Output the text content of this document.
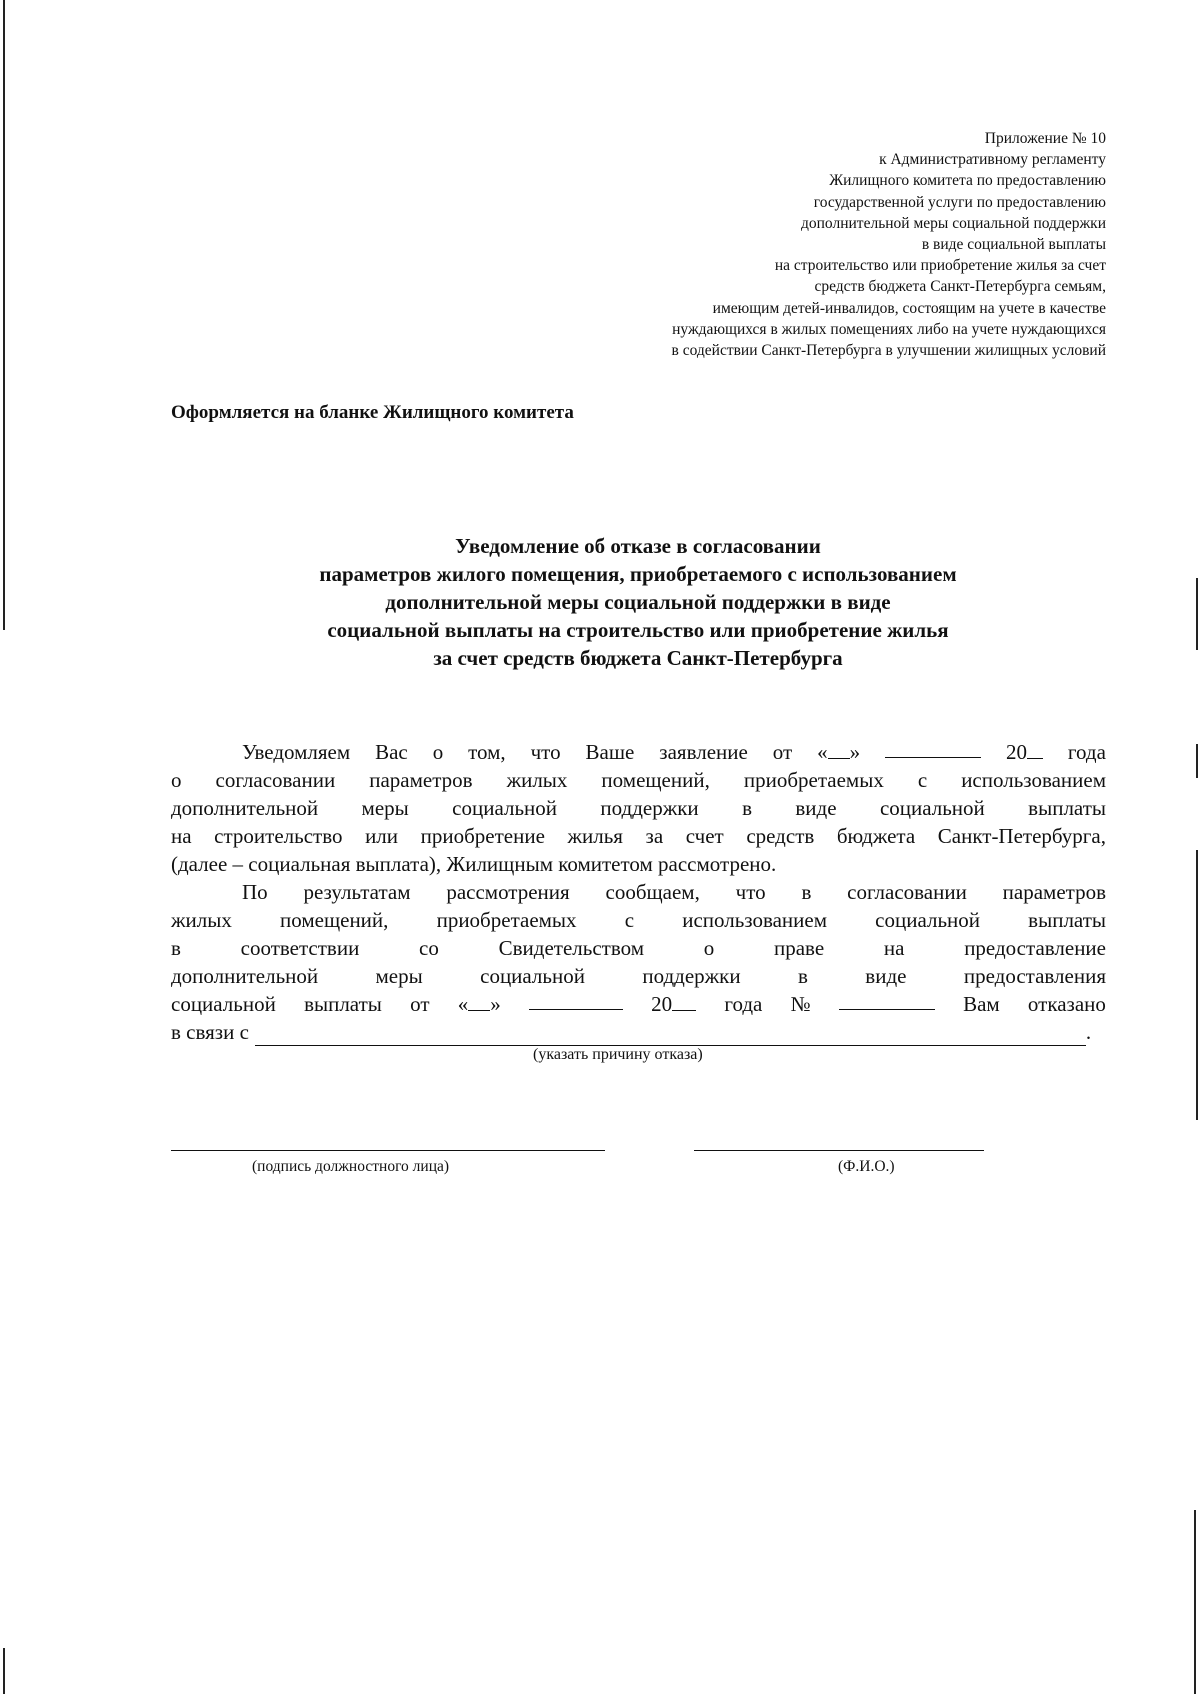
Приложение № 10
к Административному регламенту
Жилищного комитета по предоставлению
государственной услуги по предоставлению
дополнительной меры социальной поддержки
в виде социальной выплаты
на строительство или приобретение жилья за счет
средств бюджета Санкт-Петербурга семьям,
имеющим детей-инвалидов, состоящим на учете в качестве
нуждающихся в жилых помещениях либо на учете нуждающихся
в содействии Санкт-Петербурга в улучшении жилищных условий
Оформляется на бланке Жилищного комитета
Уведомление об отказе в согласовании
параметров жилого помещения, приобретаемого с использованием
дополнительной меры социальной поддержки в виде
социальной выплаты на строительство или приобретение жилья
за счет средств бюджета Санкт-Петербурга
Уведомляем Вас о том, что Ваше заявление от « »	20	года
о согласовании параметров жилых помещений, приобретаемых с использованием
дополнительной меры социальной поддержки в виде социальной выплаты
на строительство или приобретение жилья за счет средств бюджета Санкт-Петербурга,
(далее – социальная выплата), Жилищным комитетом рассмотрено.
По результатам рассмотрения сообщаем, что в согласовании параметров
жилых помещений, приобретаемых с использованием социальной выплаты
в соответствии со Свидетельством о праве на предоставление
дополнительной меры социальной поддержки в виде предоставления
социальной выплаты от « »	20	года №	Вам отказано
в связи с	.
(указать причину отказа)
(подпись должностного лица)	(Ф.И.О.)
